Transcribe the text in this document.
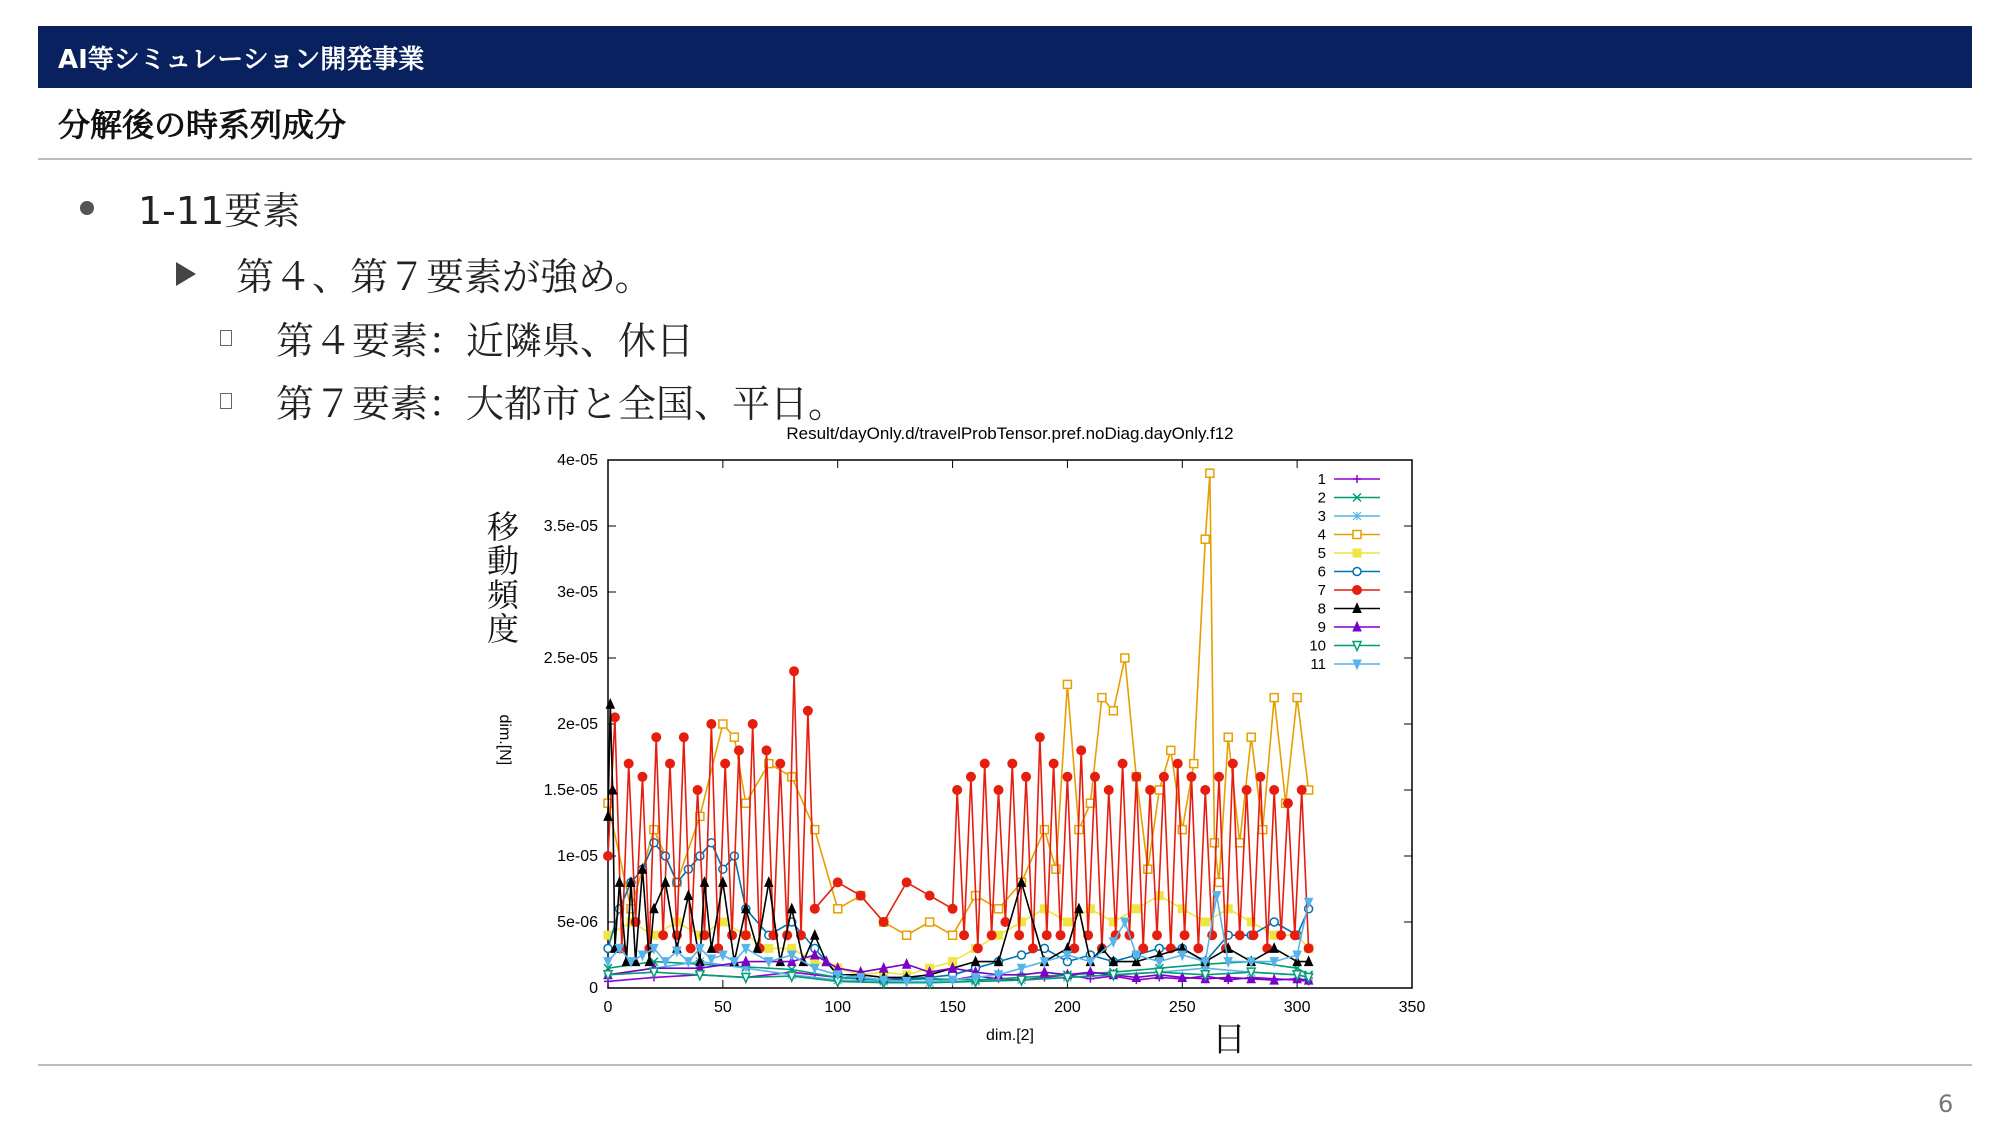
AI等シミュレーション開発事業
分解後の時系列成分
1-11要素
第４、第７要素が強め。
第４要素：近隣県、休日
第７要素：大都市と全国、平日。
Result/dayOnly.d/travelProbTensor.pref.noDiag.dayOnly.f12
0
5e-06
1e-05
1.5e-05
2e-05
2.5e-05
3e-05
3.5e-05
4e-05
0	50	100	150	200	250	300	350
dim.[2]
dim.[N]
1
2
3
4
5
6
7
8
9
10
11
移動頻度
日
6
